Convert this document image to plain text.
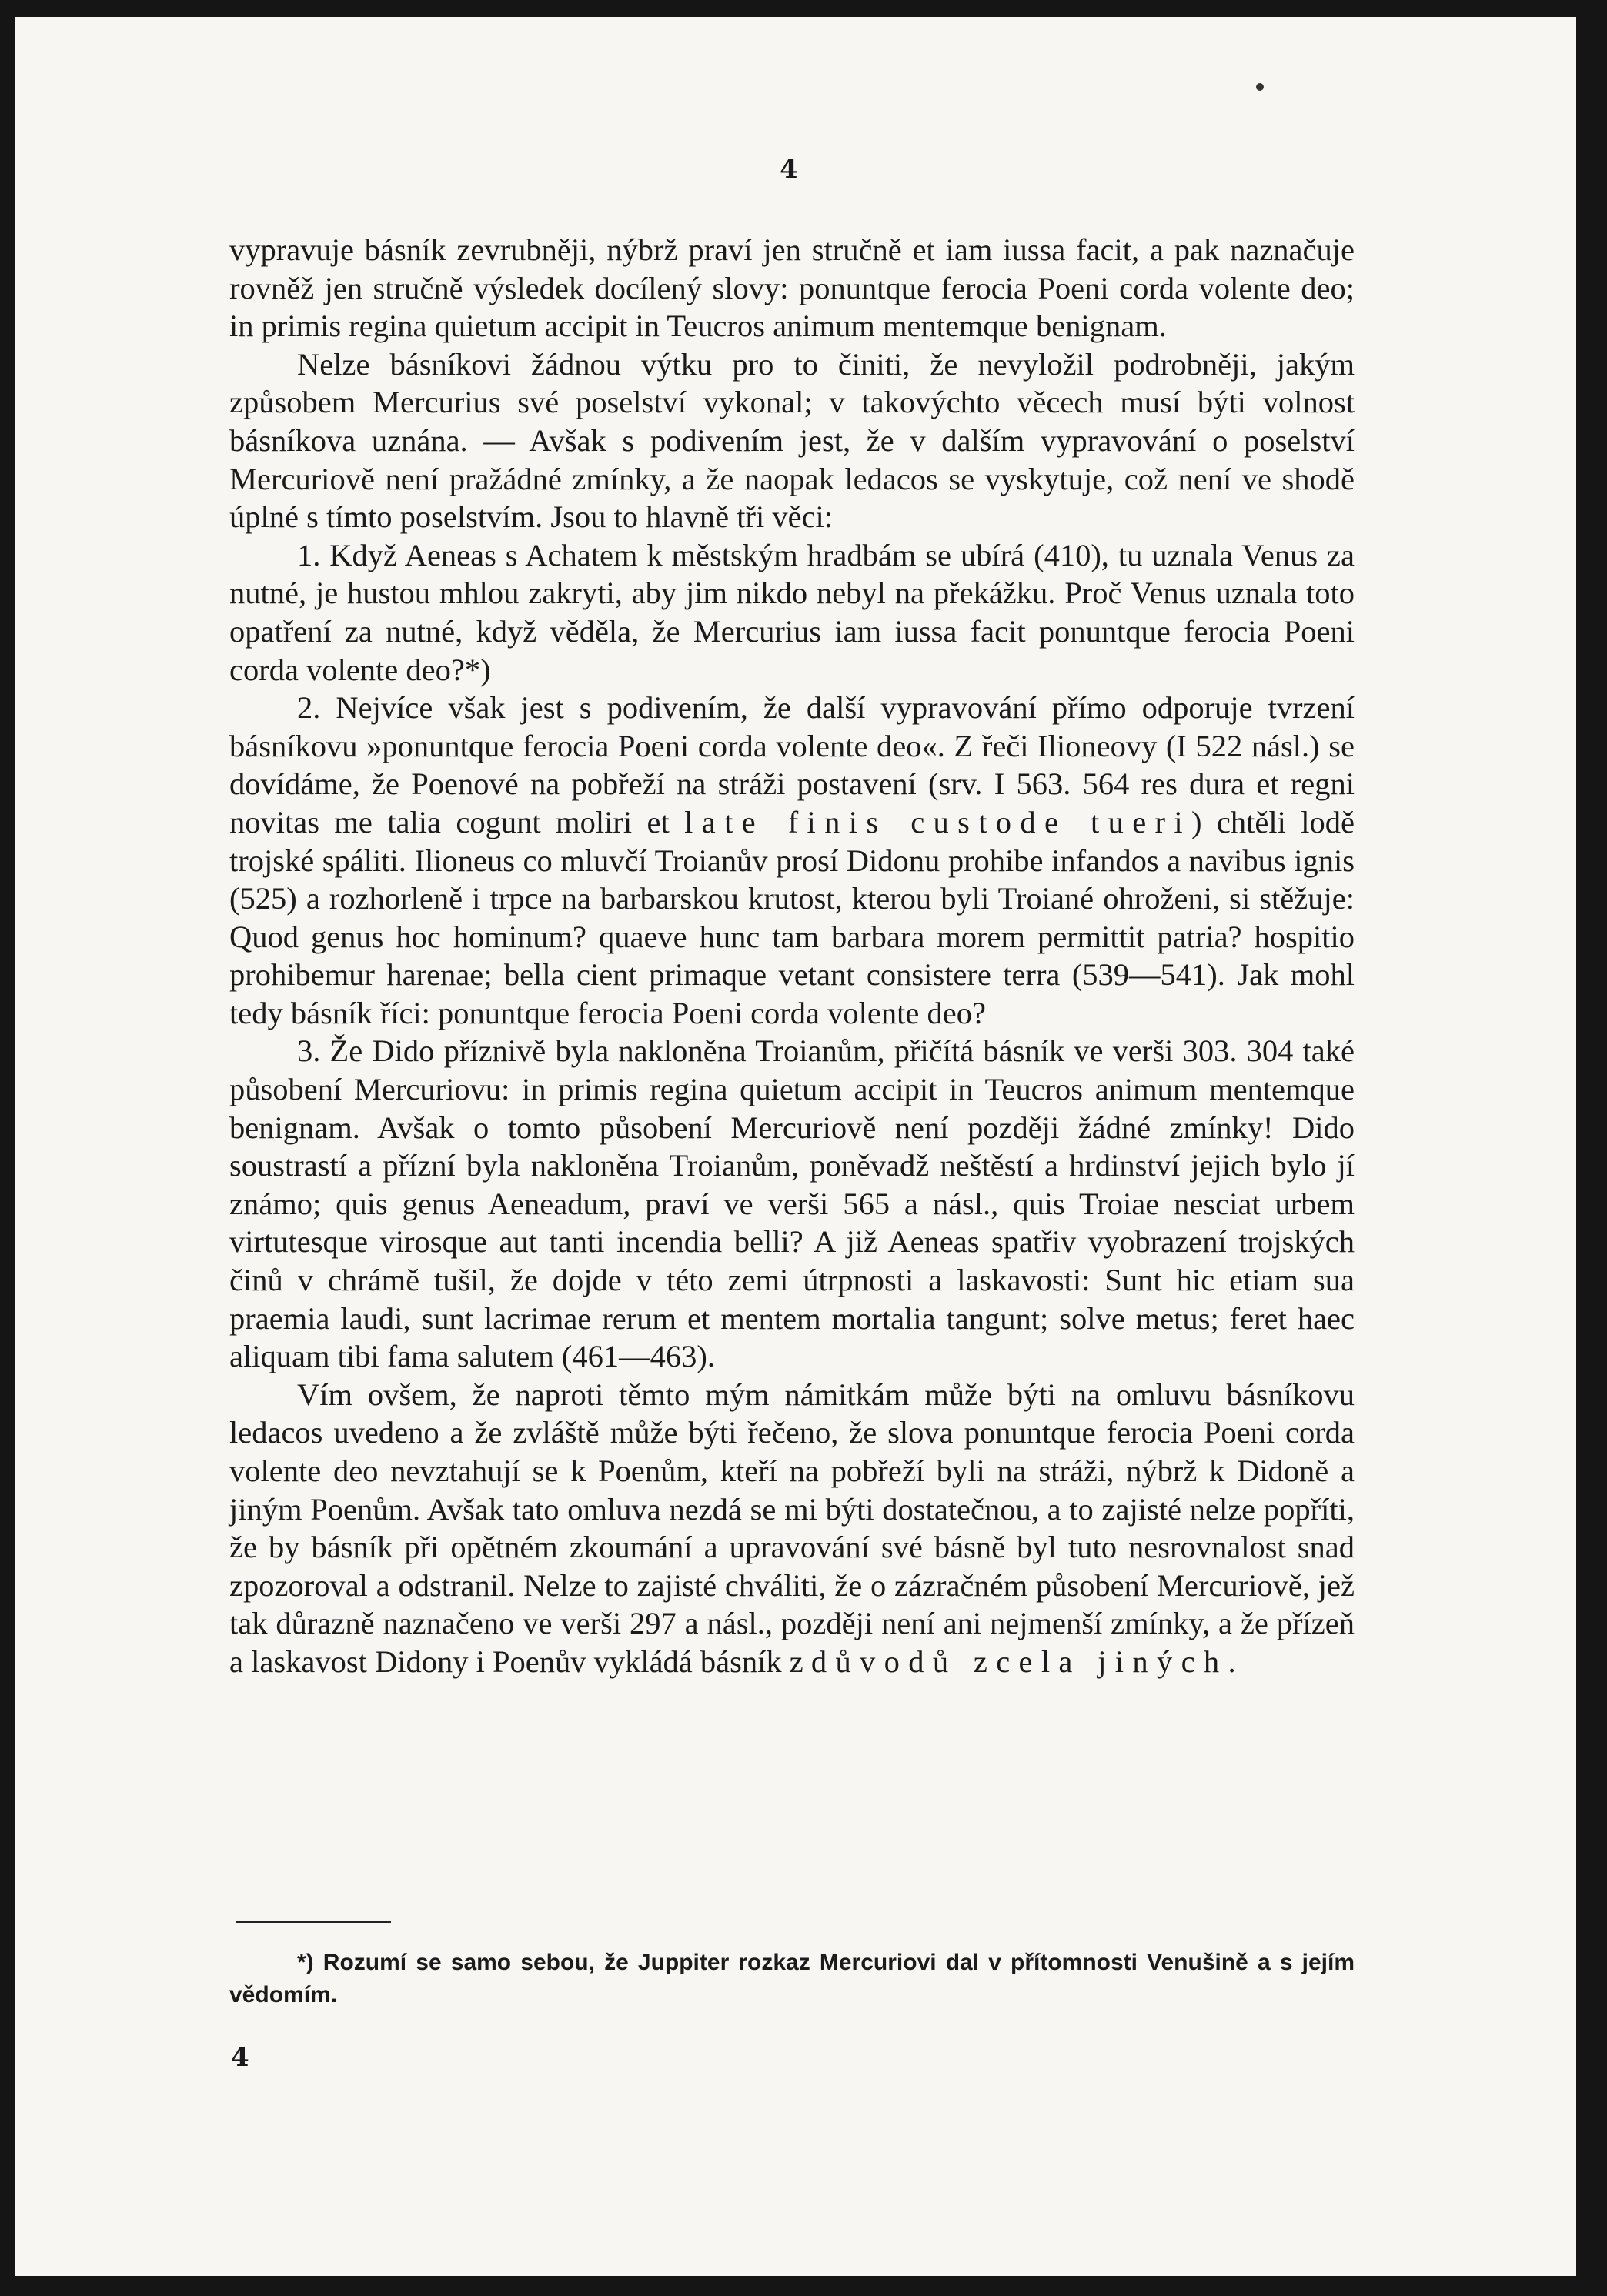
4

vypravuje básník zevrubněji, nýbrž praví jen stručně et iam iussa facit, a pak naznačuje rovněž jen stručně výsledek docílený slovy: ponuntque ferocia Poeni corda volente deo; in primis regina quietum accipit in Teucros animum mentemque benignam.

Nelze básníkovi žádnou výtku pro to činiti, že nevyložil podrobněji, jakým způsobem Mercurius své poselství vykonal; v takovýchto věcech musí býti volnost básníkova uznána. — Avšak s podivením jest, že v dalším vypravování o poselství Mercuriově není pražádné zmínky, a že naopak ledacos se vyskytuje, což není ve shodě úplné s tímto poselstvím. Jsou to hlavně tři věci:

1. Když Aeneas s Achatem k městským hradbám se ubírá (410), tu uznala Venus za nutné, je hustou mhlou zakryti, aby jim nikdo nebyl na překážku. Proč Venus uznala toto opatření za nutné, když věděla, že Mercurius iam iussa facit ponuntque ferocia Poeni corda volente deo?*)

2. Nejvíce však jest s podivením, že další vypravování přímo odporuje tvrzení básníkovu »ponuntque ferocia Poeni corda volente deo«. Z řeči Ilioneovy (I 522 násl.) se dovídáme, že Poenové na pobřeží na stráži postavení (srv. I 563. 564 res dura et regni novitas me talia cogunt moliri et late finis custode tueri) chtěli lodě trojské spáliti. Ilioneus co mluvčí Troianův prosí Didonu prohibe infandos a navibus ignis (525) a rozhorleně i trpce na barbarskou krutost, kterou byli Troiané ohroženi, si stěžuje: Quod genus hoc hominum? quaeve hunc tam barbara morem permittit patria? hospitio prohibemur harenae; bella cient primaque vetant consistere terra (539—541). Jak mohl tedy básník říci: ponuntque ferocia Poeni corda volente deo?

3. Že Dido příznivě byla nakloněna Troianům, přičítá básník ve verši 303. 304 také působení Mercuriovu: in primis regina quietum accipit in Teucros animum mentemque benignam. Avšak o tomto působení Mercuriově není později žádné zmínky! Dido soustrastí a přízní byla nakloněna Troianům, poněvadž neštěstí a hrdinství jejich bylo jí známo; quis genus Aeneadum, praví ve verši 565 a násl., quis Troiae nesciat urbem virtutesque virosque aut tanti incendia belli? A již Aeneas spatřiv vyobrazení trojských činů v chrámě tušil, že dojde v této zemi útrpnosti a laskavosti: Sunt hic etiam sua praemia laudi, sunt lacrimae rerum et mentem mortalia tangunt; solve metus; feret haec aliquam tibi fama salutem (461—463).

Vím ovšem, že naproti těmto mým námitkám může býti na omluvu básníkovu ledacos uvedeno a že zvláště může býti řečeno, že slova ponuntque ferocia Poeni corda volente deo nevztahují se k Poenům, kteří na pobřeží byli na stráži, nýbrž k Didoně a jiným Poenům. Avšak tato omluva nezdá se mi býti dostatečnou, a to zajisté nelze popříti, že by básník při opětném zkoumání a upravování své básně byl tuto nesrovnalost snad zpozoroval a odstranil. Nelze to zajisté chváliti, že o zázračném působení Mercuriově, jež tak důrazně naznačeno ve verši 297 a násl., později není ani nejmenší zmínky, a že přízeň a laskavost Didony i Poenův vykládá básník z důvodů zcela jiných.

*) Rozumí se samo sebou, že Juppiter rozkaz Mercuriovi dal v přítomnosti Venušině a s jejím vědomím.

4
